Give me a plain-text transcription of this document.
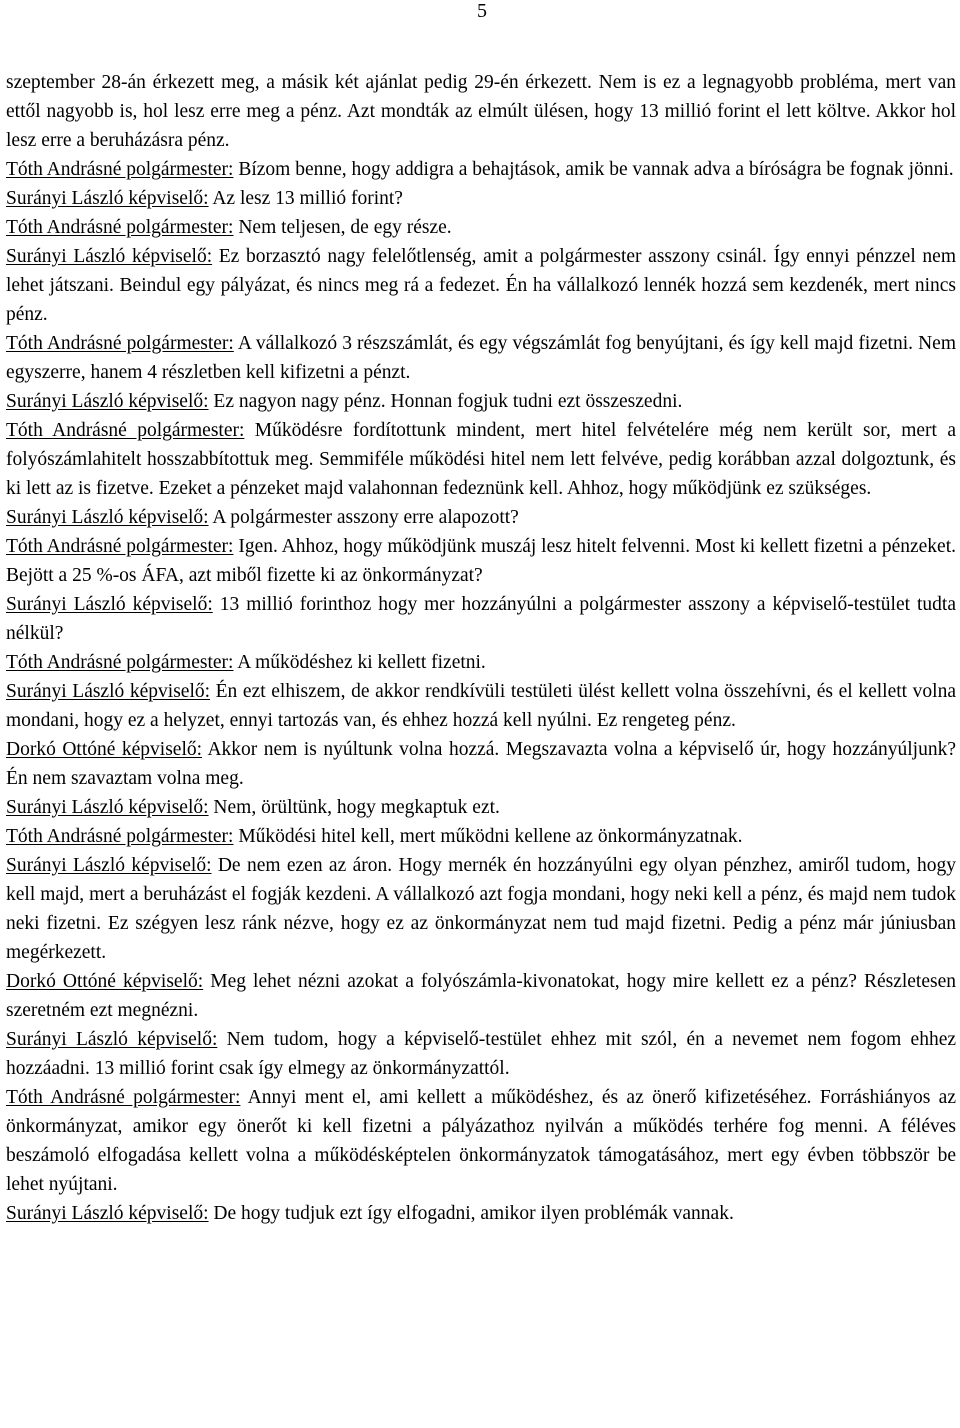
5

szeptember 28-án érkezett meg, a másik két ajánlat pedig 29-én érkezett. Nem is ez a legnagyobb probléma, mert van ettől nagyobb is, hol lesz erre meg a pénz. Azt mondták az elmúlt ülésen, hogy 13 millió forint el lett költve. Akkor hol lesz erre a beruházásra pénz.

Tóth Andrásné polgármester: Bízom benne, hogy addigra a behajtások, amik be vannak adva a bíróságra be fognak jönni.

Surányi László képviselő: Az lesz 13 millió forint?

Tóth Andrásné polgármester: Nem teljesen, de egy része.

Surányi László képviselő: Ez borzasztó nagy felelőtlenség, amit a polgármester asszony csinál. Így ennyi pénzzel nem lehet játszani. Beindul egy pályázat, és nincs meg rá a fedezet. Én ha vállalkozó lennék hozzá sem kezdenék, mert nincs pénz.

Tóth Andrásné polgármester: A vállalkozó 3 részszámlát, és egy végszámlát fog benyújtani, és így kell majd fizetni. Nem egyszerre, hanem 4 részletben kell kifizetni a pénzt.

Surányi László képviselő: Ez nagyon nagy pénz. Honnan fogjuk tudni ezt összeszedni.

Tóth Andrásné polgármester: Működésre fordítottunk mindent, mert hitel felvételére még nem került sor, mert a folyószámlahitelt hosszabbítottuk meg. Semmiféle működési hitel nem lett felvéve, pedig korábban azzal dolgoztunk, és ki lett az is fizetve. Ezeket a pénzeket majd valahonnan fedeznünk kell. Ahhoz, hogy működjünk ez szükséges.

Surányi László képviselő: A polgármester asszony erre alapozott?

Tóth Andrásné polgármester: Igen. Ahhoz, hogy működjünk muszáj lesz hitelt felvenni. Most ki kellett fizetni a pénzeket. Bejött a 25 %-os ÁFA, azt miből fizette ki az önkormányzat?

Surányi László képviselő: 13 millió forinthoz hogy mer hozzányúlni a polgármester asszony a képviselő-testület tudta nélkül?

Tóth Andrásné polgármester: A működéshez ki kellett fizetni.

Surányi László képviselő: Én ezt elhiszem, de akkor rendkívüli testületi ülést kellett volna összehívni, és el kellett volna mondani, hogy ez a helyzet, ennyi tartozás van, és ehhez hozzá kell nyúlni. Ez rengeteg pénz.

Dorkó Ottóné képviselő: Akkor nem is nyúltunk volna hozzá. Megszavazta volna a képviselő úr, hogy hozzányúljunk? Én nem szavaztam volna meg.

Surányi László képviselő: Nem, örültünk, hogy megkaptuk ezt.

Tóth Andrásné polgármester: Működési hitel kell, mert működni kellene az önkormányzatnak.

Surányi László képviselő: De nem ezen az áron. Hogy mernék én hozzányúlni egy olyan pénzhez, amiről tudom, hogy kell majd, mert a beruházást el fogják kezdeni. A vállalkozó azt fogja mondani, hogy neki kell a pénz, és majd nem tudok neki fizetni. Ez szégyen lesz ránk nézve, hogy ez az önkormányzat nem tud majd fizetni. Pedig a pénz már júniusban megérkezett.

Dorkó Ottóné képviselő: Meg lehet nézni azokat a folyószámla-kivonatokat, hogy mire kellett ez a pénz? Részletesen szeretném ezt megnézni.

Surányi László képviselő: Nem tudom, hogy a képviselő-testület ehhez mit szól, én a nevemet nem fogom ehhez hozzáadni. 13 millió forint csak így elmegy az önkormányzattól.

Tóth Andrásné polgármester: Annyi ment el, ami kellett a működéshez, és az önerő kifizetéséhez. Forráshiányos az önkormányzat, amikor egy önerőt ki kell fizetni a pályázathoz nyilván a működés terhére fog menni. A féléves beszámoló elfogadása kellett volna a működésképtelen önkormányzatok támogatásához, mert egy évben többször be lehet nyújtani.

Surányi László képviselő: De hogy tudjuk ezt így elfogadni, amikor ilyen problémák vannak.
